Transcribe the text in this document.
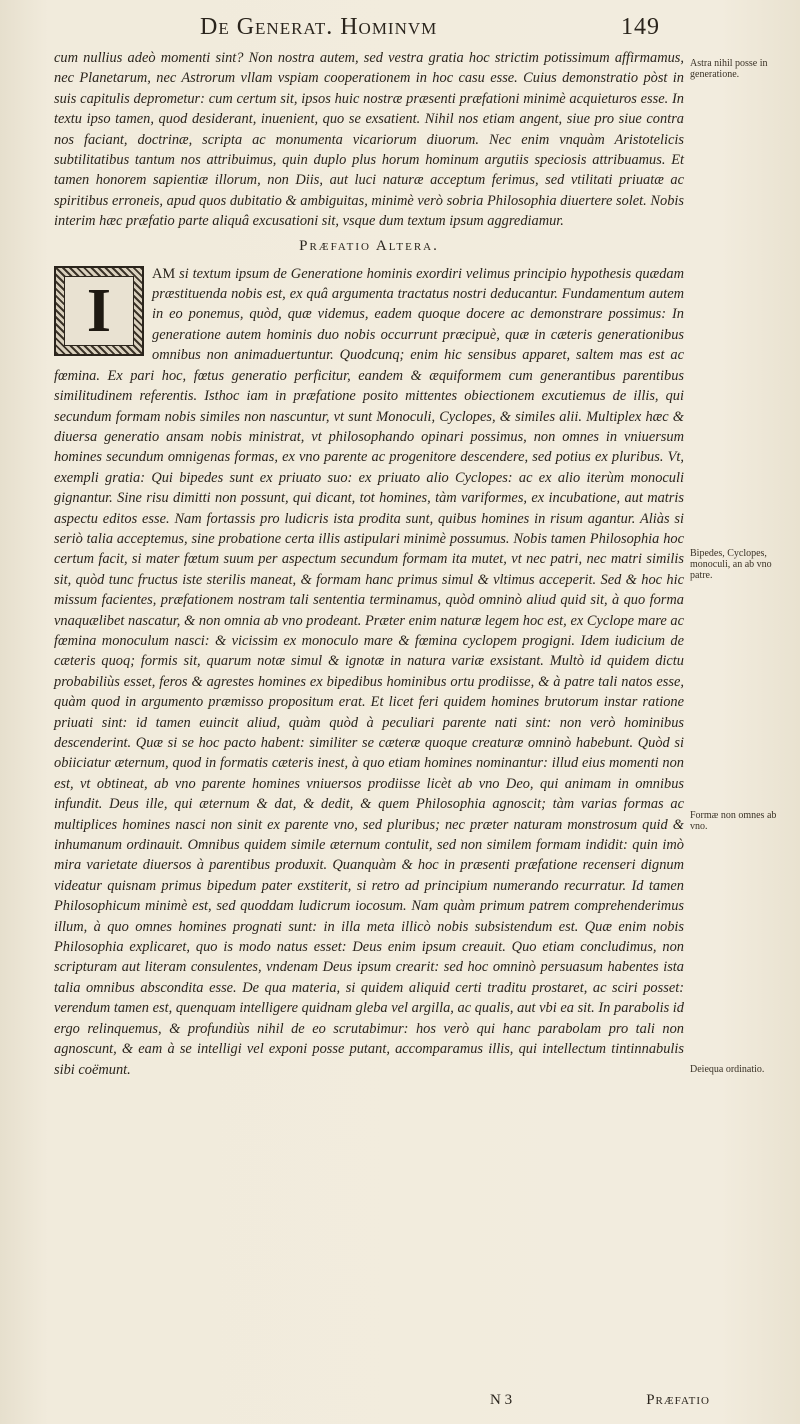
De Generat. Hominvm	149

cum nullius adeò momenti sint? Non nostra autem, sed vestra gratia hoc strictim potissimum affirmamus, nec Planetarum, nec Astrorum vllam vspiam cooperationem in hoc casu esse. Cuius demonstratio pòst in suis capitulis deprometur: cum certum sit, ipsos huic nostræ præsenti præfationi minimè acquieturos esse. In textu ipso tamen, quod desiderant, inuenient, quo se exsatient. Nihil nos etiam angent, siue pro siue contra nos faciant, doctrinæ, scripta ac monumenta vicariorum diuorum. Nec enim vnquàm Aristotelicis subtilitatibus tantum nos attribuimus, quin duplo plus horum hominum argutiis speciosis attribuamus. Et tamen honorem sapientiæ illorum, non Diis, aut luci naturæ acceptum ferimus, sed vtilitati priuatæ ac spiritibus erroneis, apud quos dubitatio & ambiguitas, minimè verò sobria Philosophia diuertere solet. Nobis interim hæc præfatio parte aliquâ excusationi sit, vsque dum textum ipsum aggrediamur.

Præfatio Altera.
I

AM si textum ipsum de Generatione hominis exordiri velimus principio hypothesis quædam præstituenda nobis est, ex quâ argumenta tractatus nostri deducantur. Fundamentum autem in eo ponemus, quòd, quæ videmus, eadem quoque docere ac demonstrare possimus: In generatione autem hominis duo nobis occurrunt præcipuè, quæ in cæteris generationibus omnibus non animaduertuntur. Quodcunq; enim hic sensibus apparet, saltem mas est ac fœmina. Ex pari hoc, fœtus generatio perficitur, eandem & æquiformem cum generantibus parentibus similitudinem referentis. Isthoc iam in præfatione posito mittentes obiectionem excutiemus de illis, qui secundum formam nobis similes non nascuntur, vt sunt Monoculi, Cyclopes, & similes alii. Multiplex hæc & diuersa generatio ansam nobis ministrat, vt philosophando opinari possimus, non omnes in vniuersum homines secundum omnigenas formas, ex vno parente ac progenitore descendere, sed potius ex pluribus. Vt, exempli gratia: Qui bipedes sunt ex priuato suo: ex priuato alio Cyclopes: ac ex alio iterùm monoculi gignantur. Sine risu dimitti non possunt, qui dicant, tot homines, tàm variformes, ex incubatione, aut matris aspectu editos esse. Nam fortassis pro ludicris ista prodita sunt, quibus homines in risum agantur. Aliàs si seriò talia acceptemus, sine probatione certa illis astipulari minimè possumus. Nobis tamen Philosophia hoc certum facit, si mater fœtum suum per aspectum secundum formam ita mutet, vt nec patri, nec matri similis sit, quòd tunc fructus iste sterilis maneat, & formam hanc primus simul & vltimus acceperit. Sed & hoc hic missum facientes, præfationem nostram tali sententia terminamus, quòd omninò aliud quid sit, à quo forma vnaquælibet nascatur, & non omnia ab vno prodeant. Præter enim naturæ legem hoc est, ex Cyclope mare ac fœmina monoculum nasci: & vicissim ex monoculo mare & fœmina cyclopem progigni. Idem iudicium de cæteris quoq; formis sit, quarum notæ simul & ignotæ in natura variæ exsistant. Multò id quidem dictu probabiliùs esset, feros & agrestes homines ex bipedibus hominibus ortu prodiisse, & à patre tali natos esse, quàm quod in argumento præmisso propositum erat. Et licet feri quidem homines brutorum instar ratione priuati sint: id tamen euincit aliud, quàm quòd à peculiari parente nati sint: non verò hominibus descenderint. Quæ si se hoc pacto habent: similiter se cæteræ quoque creaturæ omninò habebunt. Quòd si obiiciatur æternum, quod in formatis cæteris inest, à quo etiam homines nominantur: illud eius momenti non est, vt obtineat, ab vno parente homines vniuersos prodiisse licèt ab vno Deo, qui animam in omnibus infundit. Deus ille, qui æternum & dat, & dedit, & quem Philosophia agnoscit; tàm varias formas ac multiplices homines nasci non sinit ex parente vno, sed pluribus; nec præter naturam monstrosum quid & inhumanum ordinauit. Omnibus quidem simile æternum contulit, sed non similem formam indidit: quin imò mira varietate diuersos à parentibus produxit. Quanquàm & hoc in præsenti præfatione recenseri dignum videatur quisnam primus bipedum pater exstiterit, si retro ad principium numerando recurratur. Id tamen Philosophicum minimè est, sed quoddam ludicrum iocosum. Nam quàm primum patrem comprehenderimus illum, à quo omnes homines prognati sunt: in illa meta illicò nobis subsistendum est. Quæ enim nobis Philosophia explicaret, quo is modo natus esset: Deus enim ipsum creauit. Quo etiam concludimus, non scripturam aut literam consulentes, vndenam Deus ipsum crearit: sed hoc omninò persuasum habentes ista talia omnibus abscondita esse. De qua materia, si quidem aliquid certi traditu prostaret, ac sciri posset: verendum tamen est, quenquam intelligere quidnam gleba vel argilla, ac qualis, aut vbi ea sit. In parabolis id ergo relinquemus, & profundiùs nihil de eo scrutabimur: hos verò qui hanc parabolam pro tali non agnoscunt, & eam à se intelligi vel exponi posse putant, accomparamus illis, qui intellectum tintinnabulis sibi coëmunt.

Astra nihil posse in generatione.
Bipedes, Cyclopes, monoculi, an ab vno patre.
Formæ non omnes ab vno.
Deiequa ordinatio.
N 3	Præfatio
